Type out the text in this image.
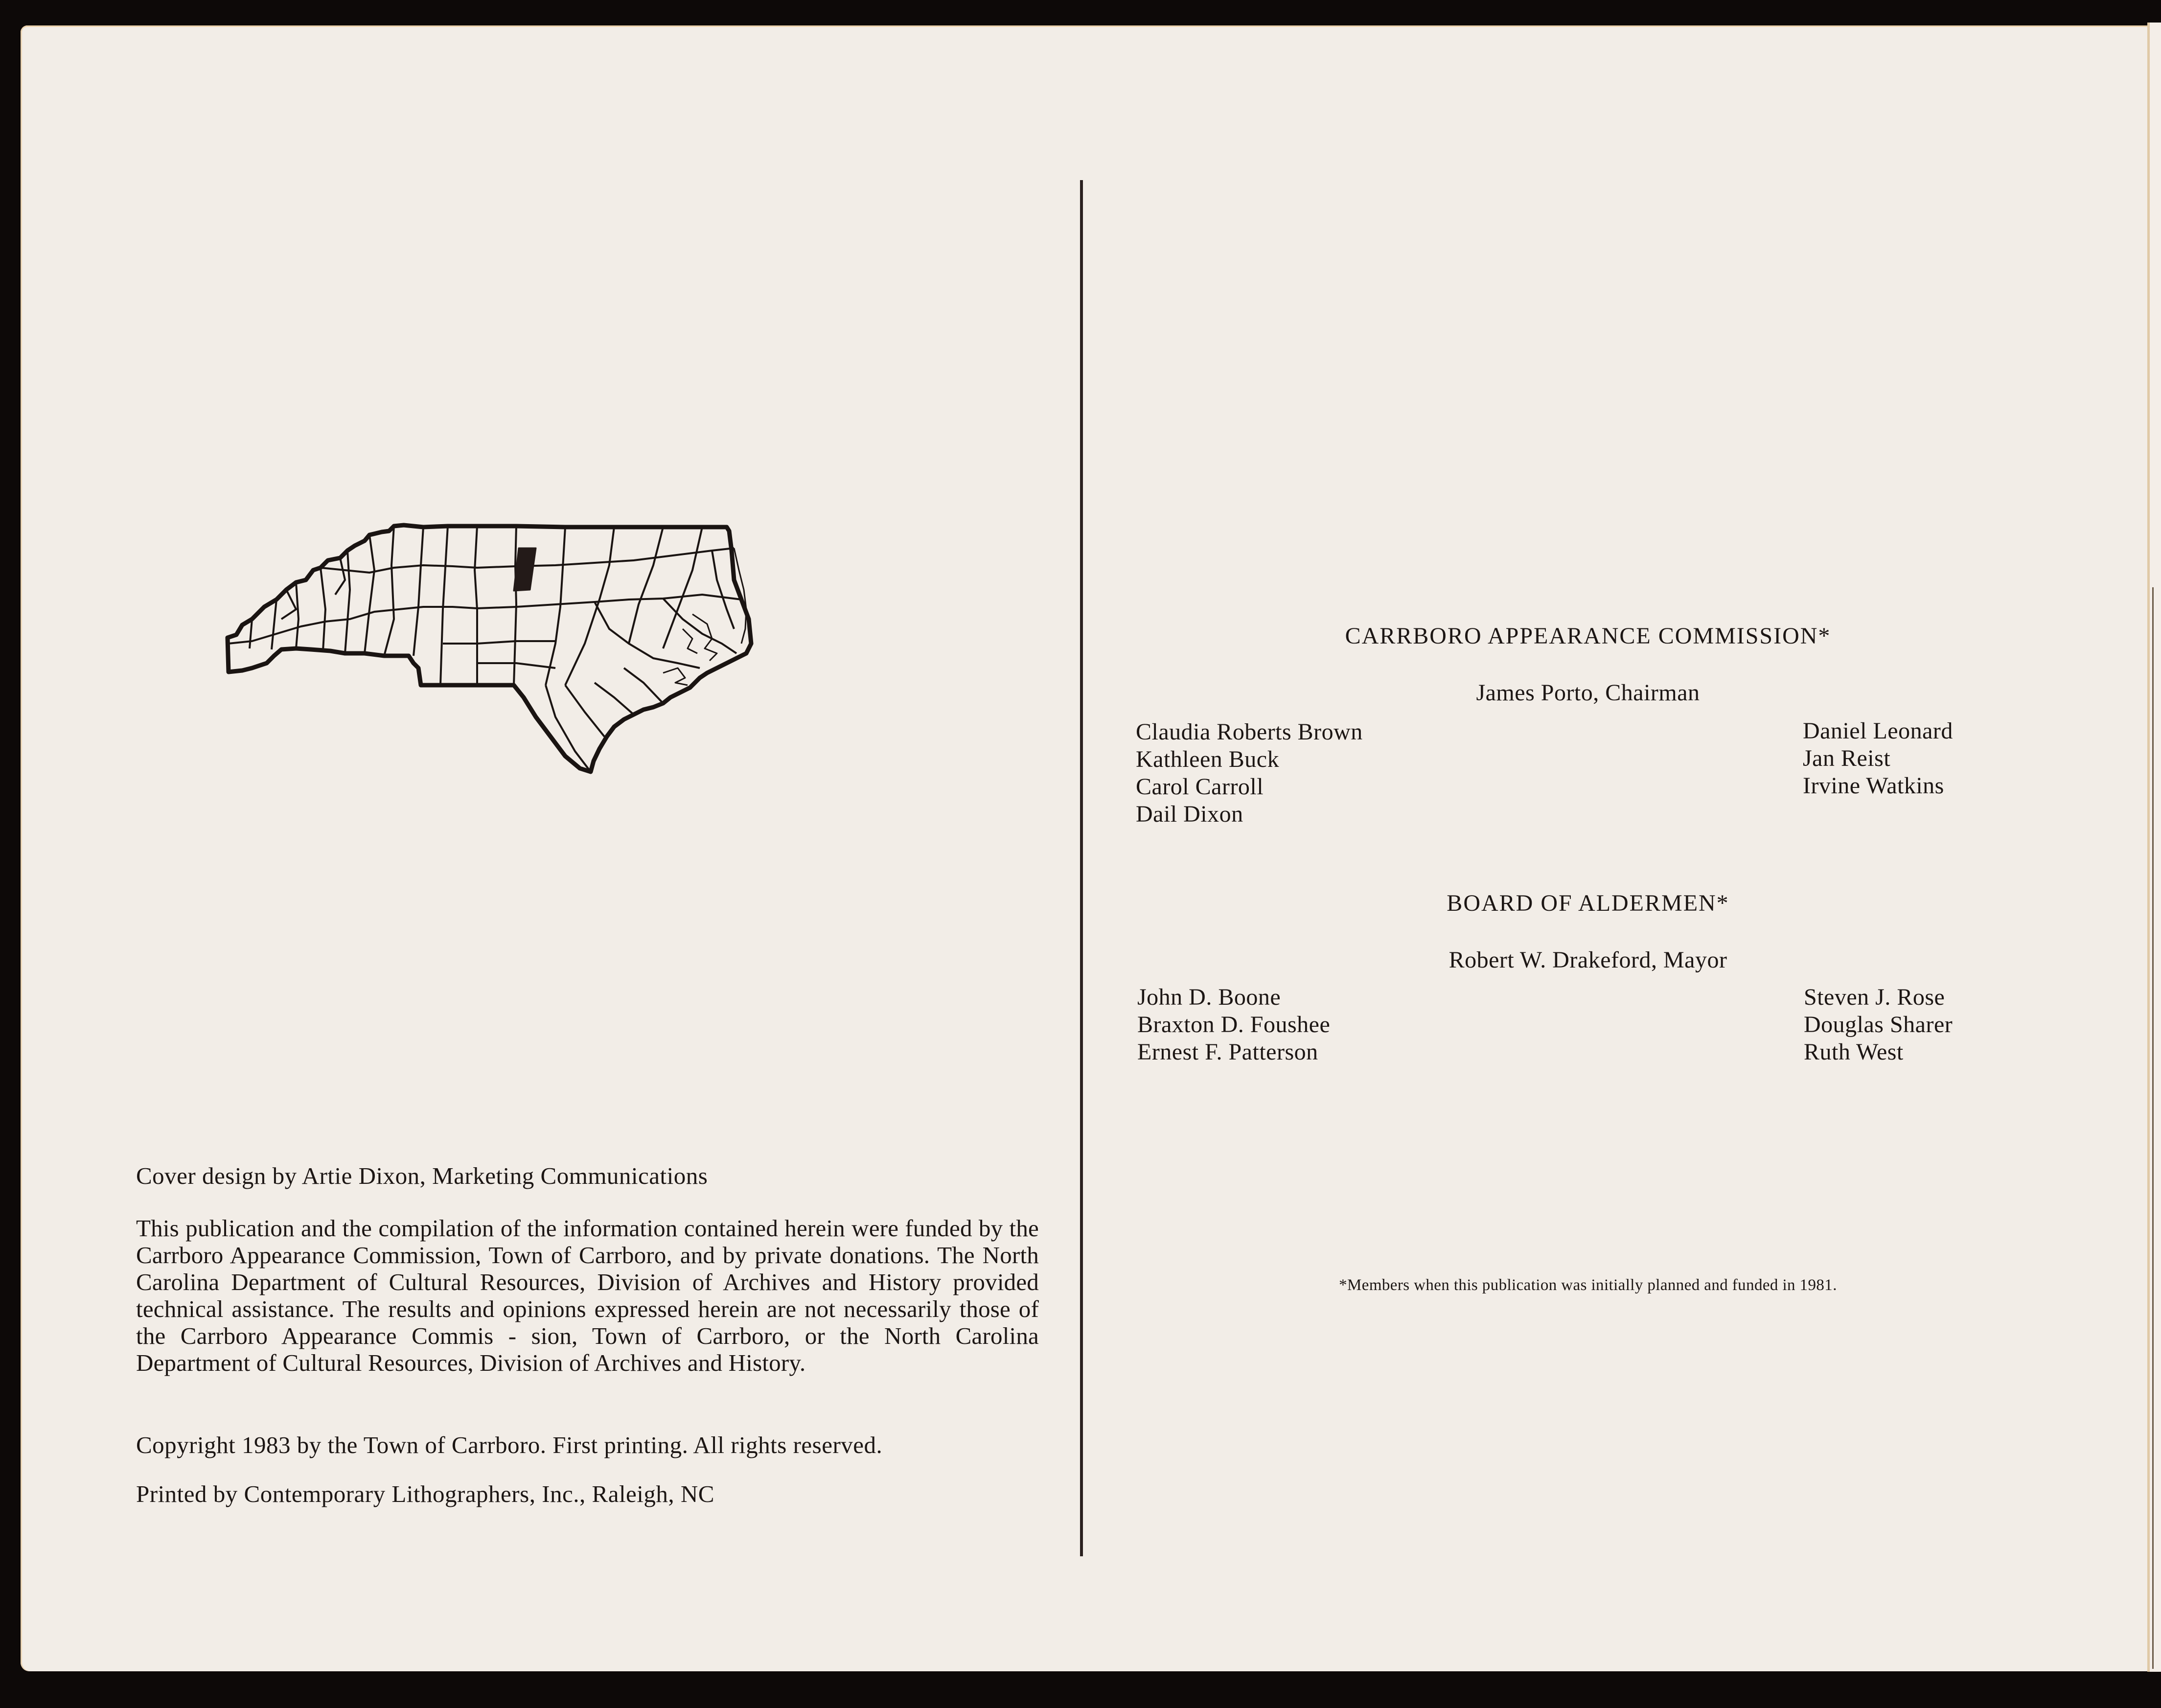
Cover design by Artie Dixon, Marketing Communications

This publication and the compilation of the information contained herein were funded by the Carrboro Appearance Commission, Town of Carrboro, and by private donations. The North Carolina Department of Cultural Resources, Division of Archives and History provided technical assistance. The results and opinions expressed herein are not necessarily those of the Carrboro Appearance Commis - sion, Town of Carrboro, or the North Carolina Department of Cultural Resources, Division of Archives and History.

Copyright 1983 by the Town of Carrboro. First printing. All rights reserved.

Printed by Contemporary Lithographers, Inc., Raleigh, NC

CARRBORO APPEARANCE COMMISSION*
James Porto, Chairman
Claudia Roberts Brown
Kathleen Buck
Carol Carroll
Dail Dixon
Daniel Leonard
Jan Reist
Irvine Watkins
BOARD OF ALDERMEN*
Robert W. Drakeford, Mayor
John D. Boone
Braxton D. Foushee
Ernest F. Patterson
Steven J. Rose
Douglas Sharer
Ruth West
*Members when this publication was initially planned and funded in 1981.
